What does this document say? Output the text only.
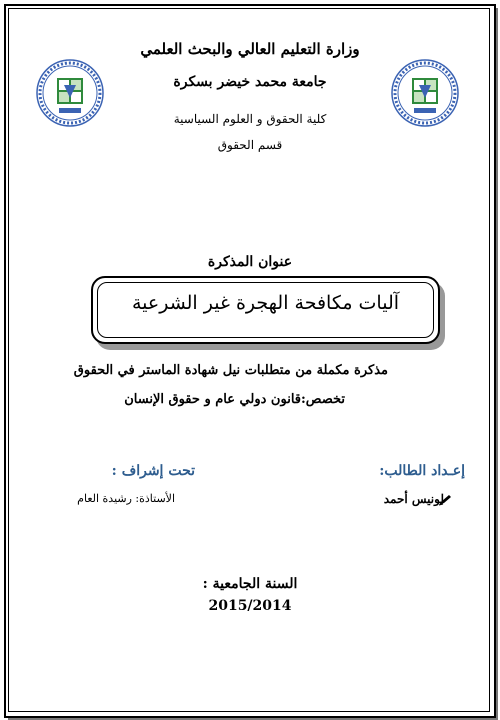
وزارة التعليم العالي والبحث العلمي
جامعة محمد خيضر بسكرة
كلية الحقوق و العلوم السياسية
قسم الحقوق
عنوان المذكرة
آليات مكافحة الهجرة غير الشرعية
مذكرة مكملة من متطلبات نيل شهادة الماستر في الحقوق
تخصص:قانون دولي عام و حقوق الإنسان
إعـداد الطالب:
تحت إشراف :
لونيس أحمد
الأستاذة: رشيدة العام
السنة الجامعية :
2015/2014
